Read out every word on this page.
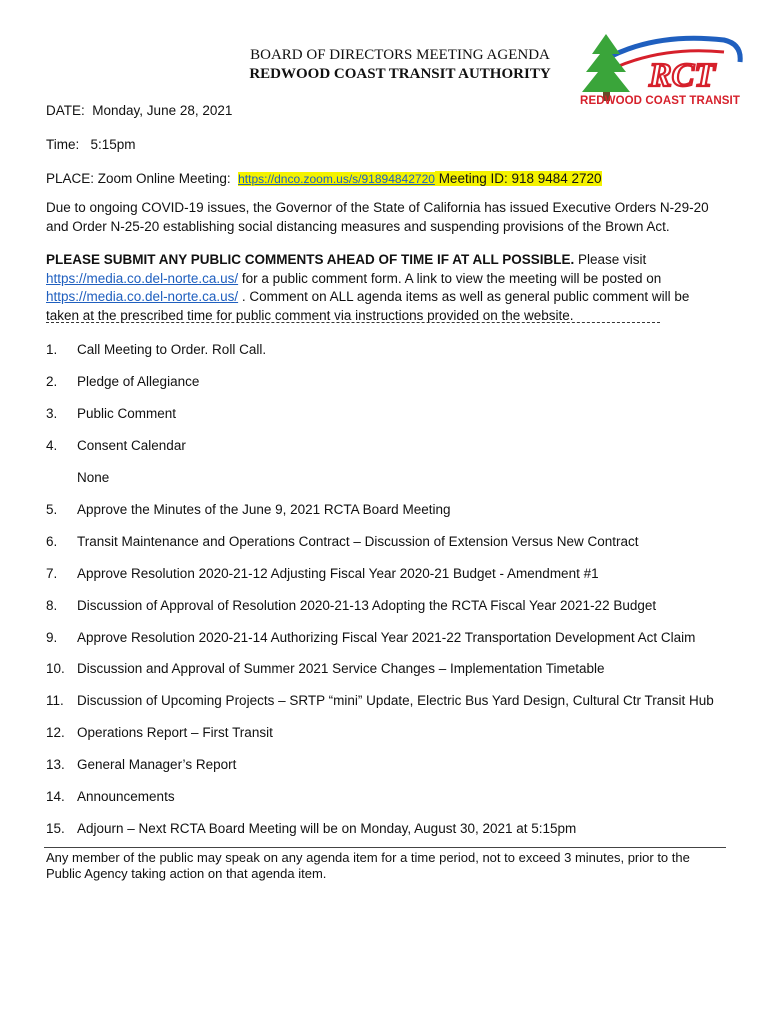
BOARD OF DIRECTORS MEETING AGENDA
REDWOOD COAST TRANSIT AUTHORITY	RCT
REDWOOD COAST TRANSIT
DATE: Monday, June 28, 2021
Time: 5:15pm
PLACE: Zoom Online Meeting: https://dnco.zoom.us/s/91894842720 Meeting ID: 918 9484 2720
Due to ongoing COVID-19 issues, the Governor of the State of California has issued Executive Orders N-29-20 and Order N-25-20 establishing social distancing measures and suspending provisions of the Brown Act.
PLEASE SUBMIT ANY PUBLIC COMMENTS AHEAD OF TIME IF AT ALL POSSIBLE. Please visit
https://media.co.del-norte.ca.us/ for a public comment form. A link to view the meeting will be posted on
https://media.co.del-norte.ca.us/ . Comment on ALL agenda items as well as general public comment will be taken at the prescribed time for public comment via instructions provided on the website.
1. Call Meeting to Order. Roll Call.
2. Pledge of Allegiance
3. Public Comment
4. Consent Calendar
None
5. Approve the Minutes of the June 9, 2021 RCTA Board Meeting
6. Transit Maintenance and Operations Contract – Discussion of Extension Versus New Contract
7. Approve Resolution 2020-21-12 Adjusting Fiscal Year 2020-21 Budget - Amendment #1
8. Discussion of Approval of Resolution 2020-21-13 Adopting the RCTA Fiscal Year 2021-22 Budget
9. Approve Resolution 2020-21-14 Authorizing Fiscal Year 2021-22 Transportation Development Act Claim
10. Discussion and Approval of Summer 2021 Service Changes – Implementation Timetable
11. Discussion of Upcoming Projects – SRTP “mini” Update, Electric Bus Yard Design, Cultural Ctr Transit Hub
12. Operations Report – First Transit
13. General Manager’s Report
14. Announcements
15. Adjourn – Next RCTA Board Meeting will be on Monday, August 30, 2021 at 5:15pm
Any member of the public may speak on any agenda item for a time period, not to exceed 3 minutes, prior to the Public Agency taking action on that agenda item.
